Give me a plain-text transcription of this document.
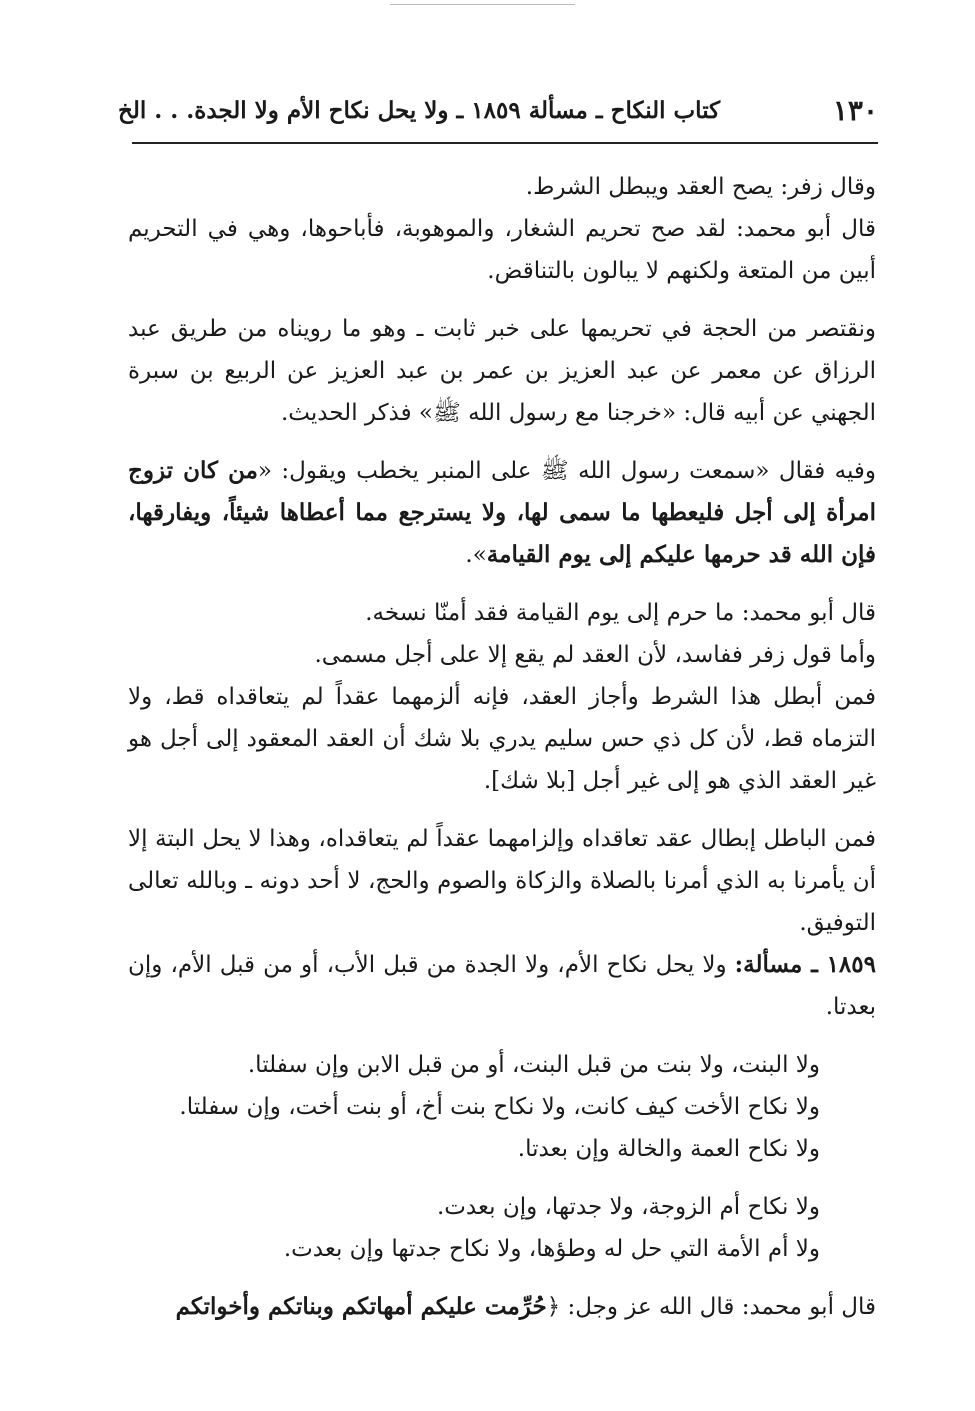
١٣٠
كتاب النكاح ـ مسألة ١٨٥٩ ـ ولا يحل نكاح الأم ولا الجدة. . . الخ

وقال زفر: يصح العقد ويبطل الشرط.

قال أبو محمد: لقد صح تحريم الشغار، والموهوبة، فأباحوها، وهي في التحريم أبين من المتعة ولكنهم لا يبالون بالتناقض.

ونقتصر من الحجة في تحريمها على خبر ثابت ـ وهو ما رويناه من طريق عبد الرزاق عن معمر عن عبد العزيز بن عمر بن عبد العزيز عن الربيع بن سبرة الجهني عن أبيه قال: «خرجنا مع رسول الله ﷺ» فذكر الحديث.

وفيه فقال «سمعت رسول الله ﷺ على المنبر يخطب ويقول: «من كان تزوج امرأة إلى أجل فليعطها ما سمى لها، ولا يسترجع مما أعطاها شيئاً، ويفارقها، فإن الله قد حرمها عليكم إلى يوم القيامة».

قال أبو محمد: ما حرم إلى يوم القيامة فقد أمنّا نسخه.

وأما قول زفر ففاسد، لأن العقد لم يقع إلا على أجل مسمى.

فمن أبطل هذا الشرط وأجاز العقد، فإنه ألزمهما عقداً لم يتعاقداه قط، ولا التزماه قط، لأن كل ذي حس سليم يدري بلا شك أن العقد المعقود إلى أجل هو غير العقد الذي هو إلى غير أجل [بلا شك].

فمن الباطل إبطال عقد تعاقداه وإلزامهما عقداً لم يتعاقداه، وهذا لا يحل البتة إلا أن يأمرنا به الذي أمرنا بالصلاة والزكاة والصوم والحج، لا أحد دونه ـ وبالله تعالى التوفيق.

١٨٥٩ ـ مسألة: ولا يحل نكاح الأم، ولا الجدة من قبل الأب، أو من قبل الأم، وإن بعدتا.

ولا البنت، ولا بنت من قبل البنت، أو من قبل الابن وإن سفلتا.

ولا نكاح الأخت كيف كانت، ولا نكاح بنت أخ، أو بنت أخت، وإن سفلتا.

ولا نكاح العمة والخالة وإن بعدتا.

ولا نكاح أم الزوجة، ولا جدتها، وإن بعدت.

ولا أم الأمة التي حل له وطؤها، ولا نكاح جدتها وإن بعدت.

قال أبو محمد: قال الله عز وجل: ﴿حُرِّمت عليكم أمهاتكم وبناتكم وأخواتكم
